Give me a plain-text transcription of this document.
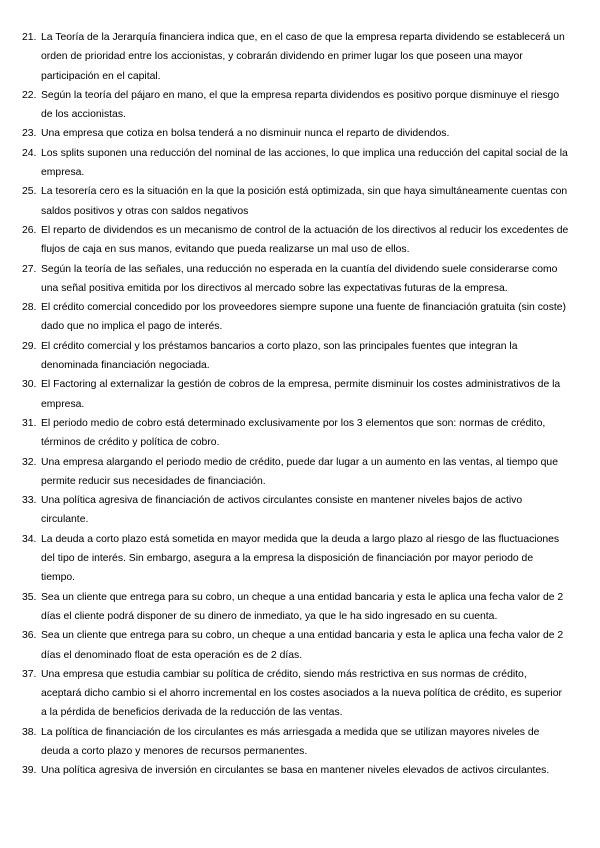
21. La Teoría de la Jerarquía financiera indica que, en el caso de que la empresa reparta dividendo se establecerá un orden de prioridad entre los accionistas, y cobrarán dividendo en primer lugar los que poseen una mayor participación en el capital.
22. Según la teoría del pájaro en mano, el que la empresa reparta dividendos es positivo porque disminuye el riesgo de los accionistas.
23. Una empresa que cotiza en bolsa tenderá a no disminuir nunca el reparto de dividendos.
24. Los splits suponen una reducción del nominal de las acciones, lo que implica una reducción del capital social de la empresa.
25. La tesorería cero es la situación en la que la posición está optimizada, sin que haya simultáneamente cuentas con saldos positivos y otras con saldos negativos
26. El reparto de dividendos es un mecanismo de control de la actuación de los directivos al reducir los excedentes de flujos de caja en sus manos, evitando que pueda realizarse un mal uso de ellos.
27. Según la teoría de las señales, una reducción no esperada en la cuantía del dividendo suele considerarse como una señal positiva emitida por los directivos al mercado sobre las expectativas futuras de la empresa.
28. El crédito comercial concedido por los proveedores siempre supone una fuente de financiación gratuita (sin coste) dado que no implica el pago de interés.
29. El crédito comercial y los préstamos bancarios a corto plazo, son las principales fuentes que integran la denominada financiación negociada.
30. El Factoring al externalizar la gestión de cobros de la empresa, permite disminuir los costes administrativos de la empresa.
31. El periodo medio de cobro está determinado exclusivamente por los 3 elementos que son: normas de crédito, términos de crédito y política de cobro.
32. Una empresa alargando el periodo medio de crédito, puede dar lugar a un aumento en las ventas, al tiempo que permite reducir sus necesidades de financiación.
33. Una política agresiva de financiación de activos circulantes consiste en mantener niveles bajos de activo circulante.
34. La deuda a corto plazo está sometida en mayor medida que la deuda a largo plazo al riesgo de las fluctuaciones del tipo de interés. Sin embargo, asegura a la empresa la disposición de financiación por mayor periodo de tiempo.
35. Sea un cliente que entrega para su cobro, un cheque a una entidad bancaria y esta le aplica una fecha valor de 2 días el cliente podrá disponer de su dinero de inmediato, ya que le ha sido ingresado en su cuenta.
36. Sea un cliente que entrega para su cobro, un cheque a una entidad bancaria y esta le aplica una fecha valor de 2 días el denominado float de esta operación es de 2 días.
37. Una empresa que estudia cambiar su política de crédito, siendo más restrictiva en sus normas de crédito, aceptará dicho cambio si el ahorro incremental en los costes asociados a la nueva política de crédito, es superior a la pérdida de beneficios derivada de la reducción de las ventas.
38. La política de financiación de los circulantes es más arriesgada a medida que se utilizan mayores niveles de deuda a corto plazo y menores de recursos permanentes.
39. Una política agresiva de inversión en circulantes se basa en mantener niveles elevados de activos circulantes.
